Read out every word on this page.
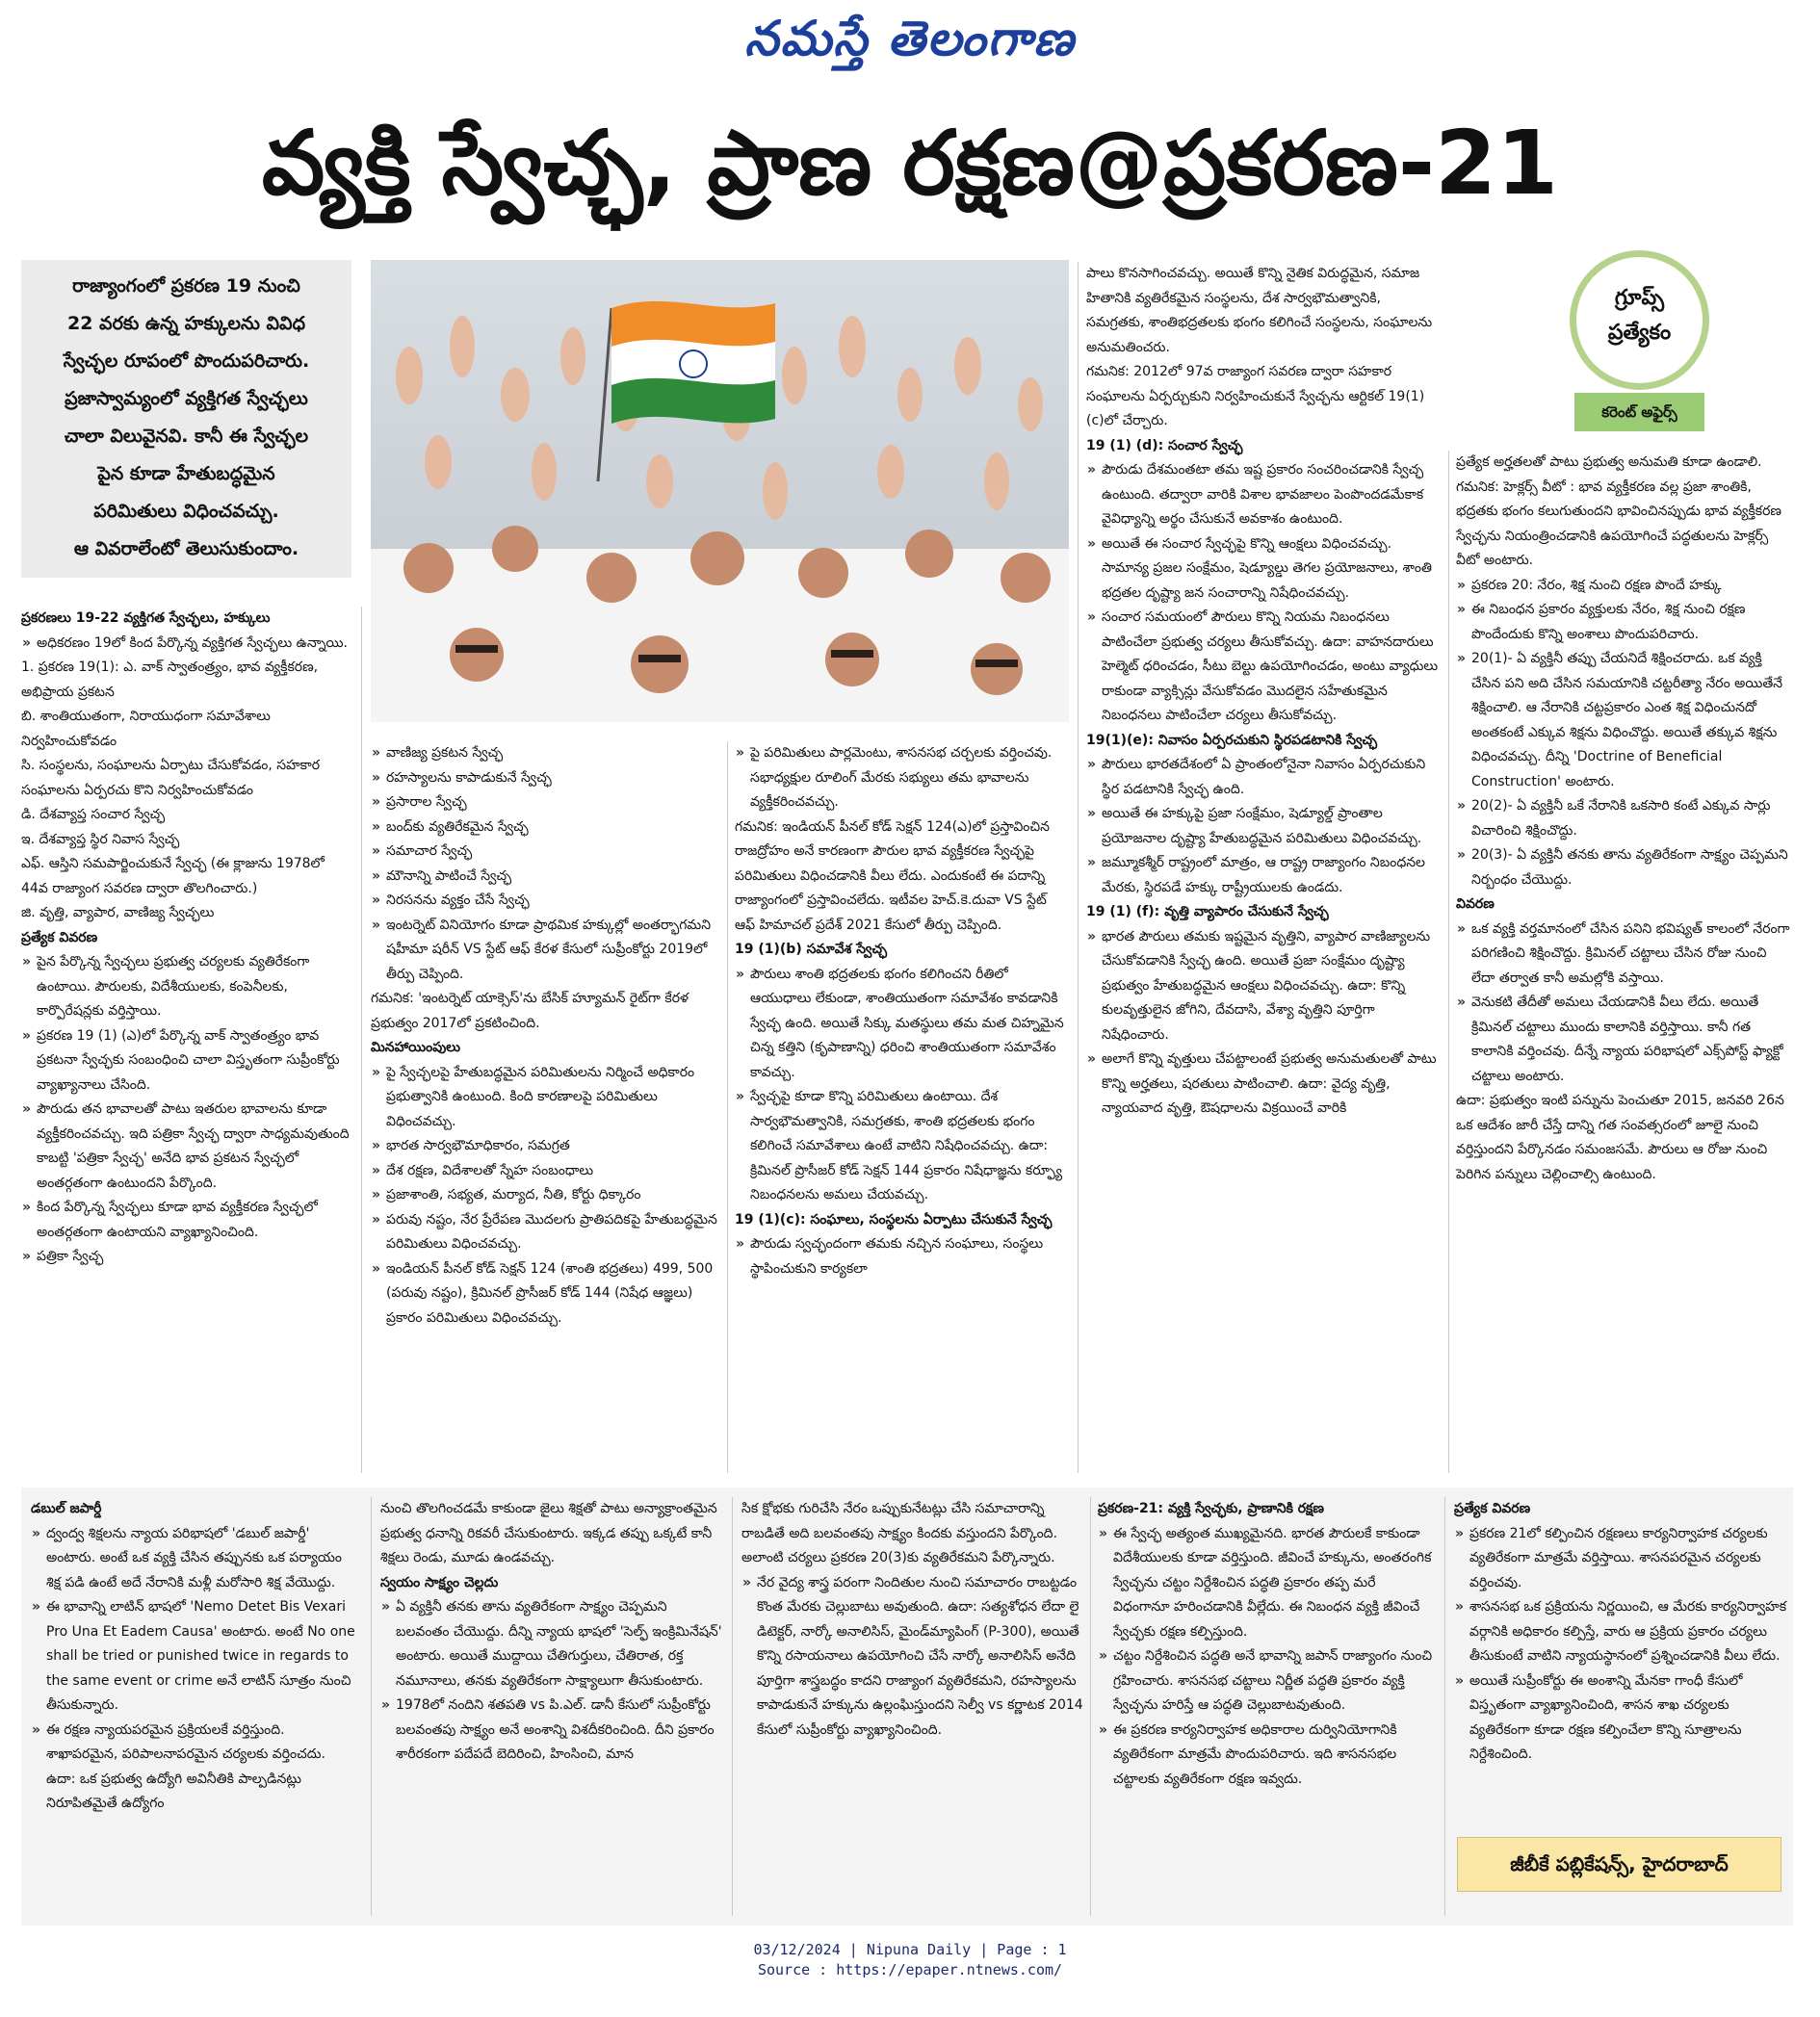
నమస్తే తెలంగాణ
వ్యక్తి స్వేచ్ఛ, ప్రాణ రక్షణ@ప్రకరణ-21

రాజ్యాంగంలో ప్రకరణ 19 నుంచి

22 వరకు ఉన్న హక్కులను వివిధ

స్వేచ్ఛల రూపంలో పొందుపరిచారు.

ప్రజాస్వామ్యంలో వ్యక్తిగత స్వేచ్ఛలు

చాలా విలువైనవి. కానీ ఈ స్వేచ్ఛల

పైన కూడా హేతుబద్ధమైన

పరిమితులు విధించవచ్చు.

ఆ వివరాలేంటో తెలుసుకుందాం.

గ్రూప్స్
ప్రత్యేకం
కరెంట్ అఫైర్స్

ప్రకరణలు 19-22 వ్యక్తిగత స్వేచ్ఛలు, హక్కులు

» అధికరణం 19లో కింద పేర్కొన్న వ్యక్తిగత స్వేచ్ఛలు ఉన్నాయి.

1. ప్రకరణ 19(1): ఎ. వాక్ స్వాతంత్ర్యం, భావ వ్యక్తీకరణ, అభిప్రాయ ప్రకటన

బి. శాంతియుతంగా, నిరాయుధంగా సమావేశాలు నిర్వహించుకోవడం

సి. సంస్థలను, సంఘాలను ఏర్పాటు చేసుకోవడం, సహకార సంఘాలను ఏర్పరచు కొని నిర్వహించుకోవడం

డి. దేశవ్యాప్త సంచార స్వేచ్ఛ

ఇ. దేశవ్యాప్త స్థిర నివాస స్వేచ్ఛ

ఎఫ్. ఆస్తిని సమపార్జించుకునే స్వేచ్ఛ (ఈ క్లాజును 1978లో 44వ రాజ్యాంగ సవరణ ద్వారా తొలగించారు.)

జి. వృత్తి, వ్యాపార, వాణిజ్య స్వేచ్ఛలు

ప్రత్యేక వివరణ

» పైన పేర్కొన్న స్వేచ్ఛలు ప్రభుత్వ చర్యలకు వ్యతిరేకంగా ఉంటాయి. పౌరులకు, విదేశీయులకు, కంపెనీలకు, కార్పొరేషన్లకు వర్తిస్తాయి.

» ప్రకరణ 19 (1) (ఎ)లో పేర్కొన్న వాక్ స్వాతంత్ర్యం భావ ప్రకటనా స్వేచ్ఛకు సంబంధించి చాలా విస్తృతంగా సుప్రీంకోర్టు వ్యాఖ్యానాలు చేసింది.

» పౌరుడు తన భావాలతో పాటు ఇతరుల భావాలను కూడా వ్యక్తీకరించవచ్చు. ఇది పత్రికా స్వేచ్ఛ ద్వారా సాధ్యమవుతుంది కాబట్టి 'పత్రికా స్వేచ్ఛ' అనేది భావ ప్రకటన స్వేచ్ఛలో అంతర్గతంగా ఉంటుందని పేర్కొంది.

» కింద పేర్కొన్న స్వేచ్ఛలు కూడా భావ వ్యక్తీకరణ స్వేచ్ఛలో అంతర్గతంగా ఉంటాయని వ్యాఖ్యానించింది.

» పత్రికా స్వేచ్ఛ

» వాణిజ్య ప్రకటన స్వేచ్ఛ

» రహస్యాలను కాపాడుకునే స్వేచ్ఛ

» ప్రసారాల స్వేచ్ఛ

» బంద్‌కు వ్యతిరేకమైన స్వేచ్ఛ

» సమాచార స్వేచ్ఛ

» మౌనాన్ని పాటించే స్వేచ్ఛ

» నిరసనను వ్యక్తం చేసే స్వేచ్ఛ

» ఇంటర్నెట్ వినియోగం కూడా ప్రాథమిక హక్కుల్లో అంతర్భాగమని షహీమా షరీన్ VS స్టేట్ ఆఫ్ కేరళ కేసులో సుప్రీంకోర్టు 2019లో తీర్పు చెప్పింది.

గమనిక: 'ఇంటర్నెట్ యాక్సెస్'ను బేసిక్ హ్యూమన్ రైట్‌గా కేరళ ప్రభుత్వం 2017లో ప్రకటించింది.

మినహాయింపులు

» పై స్వేచ్ఛలపై హేతుబద్ధమైన పరిమితులను నిర్మించే అధికారం ప్రభుత్వానికి ఉంటుంది. కింది కారణాలపై పరిమితులు విధించవచ్చు.

» భారత సార్వభౌమాధికారం, సమగ్రత

» దేశ రక్షణ, విదేశాలతో స్నేహ సంబంధాలు

» ప్రజాశాంతి, సభ్యత, మర్యాద, నీతి, కోర్టు ధిక్కారం

» పరువు నష్టం, నేర ప్రేరేపణ మొదలగు ప్రాతిపదికపై హేతుబద్ధమైన పరిమితులు విధించవచ్చు.

» ఇండియన్ పీనల్ కోడ్ సెక్షన్ 124 (శాంతి భద్రతలు) 499, 500 (పరువు నష్టం), క్రిమినల్ ప్రొసీజర్ కోడ్ 144 (నిషేధ ఆజ్ఞలు) ప్రకారం పరిమితులు విధించవచ్చు.

» పై పరిమితులు పార్లమెంటు, శాసనసభ చర్చలకు వర్తించవు. సభాధ్యక్షుల రూలింగ్ మేరకు సభ్యులు తమ భావాలను వ్యక్తీకరించవచ్చు.

గమనిక: ఇండియన్ పీనల్ కోడ్ సెక్షన్ 124(ఎ)లో ప్రస్తావించిన రాజద్రోహం అనే కారణంగా పౌరుల భావ వ్యక్తీకరణ స్వేచ్ఛపై పరిమితులు విధించడానికి వీలు లేదు. ఎందుకంటే ఈ పదాన్ని రాజ్యాంగంలో ప్రస్తావించలేదు. ఇటీవల హెచ్.కె.దువా VS స్టేట్ ఆఫ్ హిమాచల్ ప్రదేశ్ 2021 కేసులో తీర్పు చెప్పింది.

19 (1)(b) సమావేశ స్వేచ్ఛ

» పౌరులు శాంతి భద్రతలకు భంగం కలిగించని రీతిలో ఆయుధాలు లేకుండా, శాంతియుతంగా సమావేశం కావడానికి స్వేచ్ఛ ఉంది. అయితే సిక్కు మతస్థులు తమ మత చిహ్నమైన చిన్న కత్తిని (కృపాణాన్ని) ధరించి శాంతియుతంగా సమావేశం కావచ్చు.

» స్వేచ్ఛపై కూడా కొన్ని పరిమితులు ఉంటాయి. దేశ సార్వభౌమత్వానికి, సమగ్రతకు, శాంతి భద్రతలకు భంగం కలిగించే సమావేశాలు ఉంటే వాటిని నిషేధించవచ్చు. ఉదా: క్రిమినల్ ప్రొసీజర్ కోడ్ సెక్షన్ 144 ప్రకారం నిషేధాజ్ఞను కర్ఫ్యూ నిబంధనలను అమలు చేయవచ్చు.

19 (1)(c): సంఘాలు, సంస్థలను ఏర్పాటు చేసుకునే స్వేచ్ఛ

» పౌరుడు స్వచ్ఛందంగా తమకు నచ్చిన సంఘాలు, సంస్థలు స్థాపించుకుని కార్యకలా

పాలు కొనసాగించవచ్చు. అయితే కొన్ని నైతిక విరుద్ధమైన, సమాజ హితానికి వ్యతిరేకమైన సంస్థలను, దేశ సార్వభౌమత్వానికి, సమగ్రతకు, శాంతిభద్రతలకు భంగం కలిగించే సంస్థలను, సంఘాలను అనుమతించరు.

గమనిక: 2012లో 97వ రాజ్యాంగ సవరణ ద్వారా సహకార సంఘాలను ఏర్పర్చుకుని నిర్వహించుకునే స్వేచ్ఛను ఆర్టికల్ 19(1)(c)లో చేర్చారు.

19 (1) (d): సంచార స్వేచ్ఛ

» పౌరుడు దేశమంతటా తమ ఇష్ట ప్రకారం సంచరించడానికి స్వేచ్ఛ ఉంటుంది. తద్వారా వారికి విశాల భావజాలం పెంపొందడమేకాక వైవిధ్యాన్ని అర్థం చేసుకునే అవకాశం ఉంటుంది.

» అయితే ఈ సంచార స్వేచ్ఛపై కొన్ని ఆంక్షలు విధించవచ్చు. సామాన్య ప్రజల సంక్షేమం, షెడ్యూల్డు తెగల ప్రయోజనాలు, శాంతి భద్రతల దృష్ట్యా జన సంచారాన్ని నిషేధించవచ్చు.

» సంచార సమయంలో పౌరులు కొన్ని నియమ నిబంధనలు పాటించేలా ప్రభుత్వ చర్యలు తీసుకోవచ్చు. ఉదా: వాహనదారులు హెల్మెట్ ధరించడం, సీటు బెల్టు ఉపయోగించడం, అంటు వ్యాధులు రాకుండా వ్యాక్సిన్లు వేసుకోవడం మొదలైన సహేతుకమైన నిబంధనలు పాటించేలా చర్యలు తీసుకోవచ్చు.

19(1)(e): నివాసం ఏర్పరచుకుని స్థిరపడటానికి స్వేచ్ఛ

» పౌరులు భారతదేశంలో ఏ ప్రాంతంలోనైనా నివాసం ఏర్పరచుకుని స్థిర పడటానికి స్వేచ్ఛ ఉంది.

» అయితే ఈ హక్కుపై ప్రజా సంక్షేమం, షెడ్యూల్డ్ ప్రాంతాల ప్రయోజనాల దృష్ట్యా హేతుబద్ధమైన పరిమితులు విధించవచ్చు.

» జమ్మూకశ్మీర్ రాష్ట్రంలో మాత్రం, ఆ రాష్ట్ర రాజ్యాంగం నిబంధనల మేరకు, స్థిరపడే హక్కు రాష్ట్రీయులకు ఉండదు.

19 (1) (f): వృత్తి వ్యాపారం చేసుకునే స్వేచ్ఛ

» భారత పౌరులు తమకు ఇష్టమైన వృత్తిని, వ్యాపార వాణిజ్యాలను చేసుకోవడానికి స్వేచ్ఛ ఉంది. అయితే ప్రజా సంక్షేమం దృష్ట్యా ప్రభుత్వం హేతుబద్ధమైన ఆంక్షలు విధించవచ్చు. ఉదా: కొన్ని కులవృత్తులైన జోగిని, దేవదాసి, వేశ్యా వృత్తిని పూర్తిగా నిషేధించారు.

» అలాగే కొన్ని వృత్తులు చేపట్టాలంటే ప్రభుత్వ అనుమతులతో పాటు కొన్ని అర్హతలు, షరతులు పాటించాలి. ఉదా: వైద్య వృత్తి, న్యాయవాద వృత్తి, ఔషధాలను విక్రయించే వారికి

ప్రత్యేక అర్హతలతో పాటు ప్రభుత్వ అనుమతి కూడా ఉండాలి.

గమనిక: హెక్లర్స్ వీటో : భావ వ్యక్తీకరణ వల్ల ప్రజా శాంతికి, భద్రతకు భంగం కలుగుతుందని భావించినప్పుడు భావ వ్యక్తీకరణ స్వేచ్ఛను నియంత్రించడానికి ఉపయోగించే పద్ధతులను హెక్లర్స్ వీటో అంటారు.

» ప్రకరణ 20: నేరం, శిక్ష నుంచి రక్షణ పొందే హక్కు

» ఈ నిబంధన ప్రకారం వ్యక్తులకు నేరం, శిక్ష నుంచి రక్షణ పొందేందుకు కొన్ని అంశాలు పొందుపరిచారు.

» 20(1)- ఏ వ్యక్తినీ తప్పు చేయనిదే శిక్షించరాదు. ఒక వ్యక్తి చేసిన పని అది చేసిన సమయానికి చట్టరీత్యా నేరం అయితేనే శిక్షించాలి. ఆ నేరానికి చట్టప్రకారం ఎంత శిక్ష విధించునదో అంతకంటే ఎక్కువ శిక్షను విధించొద్దు. అయితే తక్కువ శిక్షను విధించవచ్చు. దీన్ని 'Doctrine of Beneficial Construction' అంటారు.

» 20(2)- ఏ వ్యక్తినీ ఒకే నేరానికి ఒకసారి కంటే ఎక్కువ సార్లు విచారించి శిక్షించొద్దు.

» 20(3)- ఏ వ్యక్తినీ తనకు తాను వ్యతిరేకంగా సాక్ష్యం చెప్పమని నిర్బంధం చేయొద్దు.

వివరణ

» ఒక వ్యక్తి వర్తమానంలో చేసిన పనిని భవిష్యత్ కాలంలో నేరంగా పరిగణించి శిక్షించొద్దు. క్రిమినల్ చట్టాలు చేసిన రోజు నుంచి లేదా తర్వాత కానీ అమల్లోకి వస్తాయి.

» వెనుకటి తేదీతో అమలు చేయడానికి వీలు లేదు. అయితే క్రిమినల్ చట్టాలు ముందు కాలానికి వర్తిస్తాయి. కానీ గత కాలానికి వర్తించవు. దీన్నే న్యాయ పరిభాషలో ఎక్స్‌పోస్ట్ ఫ్యాక్టో చట్టాలు అంటారు.

ఉదా: ప్రభుత్వం ఇంటి పన్నును పెంచుతూ 2015, జనవరి 26న ఒక ఆదేశం జారీ చేస్తే దాన్ని గత సంవత్సరంలో జూలై నుంచి వర్తిస్తుందని పేర్కొనడం సమంజసమే. పౌరులు ఆ రోజు నుంచి పెరిగిన పన్నులు చెల్లించాల్సి ఉంటుంది.

డబుల్ జపార్డీ

» ద్వంద్వ శిక్షలను న్యాయ పరిభాషలో 'డబుల్ జపార్డీ' అంటారు. అంటే ఒక వ్యక్తి చేసిన తప్పునకు ఒక పర్యాయం శిక్ష పడి ఉంటే అదే నేరానికి మళ్లీ మరోసారి శిక్ష వేయొద్దు.

» ఈ భావాన్ని లాటిన్ భాషలో 'Nemo Detet Bis Vexari Pro Una Et Eadem Causa' అంటారు. అంటే No one shall be tried or punished twice in regards to the same event or crime అనే లాటిన్ సూత్రం నుంచి తీసుకున్నారు.

» ఈ రక్షణ న్యాయపరమైన ప్రక్రియలకే వర్తిస్తుంది. శాఖాపరమైన, పరిపాలనాపరమైన చర్యలకు వర్తించదు. ఉదా: ఒక ప్రభుత్వ ఉద్యోగి అవినీతికి పాల్పడినట్లు నిరూపితమైతే ఉద్యోగం

నుంచి తొలగించడమే కాకుండా జైలు శిక్షతో పాటు అన్యాక్రాంతమైన ప్రభుత్వ ధనాన్ని రికవరీ చేసుకుంటారు. ఇక్కడ తప్పు ఒక్కటే కానీ శిక్షలు రెండు, మూడు ఉండవచ్చు.

స్వయం సాక్ష్యం చెల్లదు

» ఏ వ్యక్తినీ తనకు తాను వ్యతిరేకంగా సాక్ష్యం చెప్పమని బలవంతం చేయొద్దు. దీన్ని న్యాయ భాషలో 'సెల్ఫ్ ఇంక్రిమినేషన్' అంటారు. అయితే ముద్దాయి చేతిగుర్తులు, చేతిరాత, రక్త నమూనాలు, తనకు వ్యతిరేకంగా సాక్ష్యాలుగా తీసుకుంటారు.

» 1978లో నందిని శతపతి vs పి.ఎల్. డానీ కేసులో సుప్రీంకోర్టు బలవంతపు సాక్ష్యం అనే అంశాన్ని విశదీకరించింది. దీని ప్రకారం శారీరకంగా పదేపదే బెదిరించి, హింసించి, మాన

సిక క్షోభకు గురిచేసి నేరం ఒప్పుకునేటట్లు చేసి సమాచారాన్ని రాబడితే అది బలవంతపు సాక్ష్యం కిందకు వస్తుందని పేర్కొంది. అలాంటి చర్యలు ప్రకరణ 20(3)కు వ్యతిరేకమని పేర్కొన్నారు.

» నేర వైద్య శాస్త్ర పరంగా నిందితుల నుంచి సమాచారం రాబట్టడం కొంత మేరకు చెల్లుబాటు అవుతుంది. ఉదా: సత్యశోధన లేదా లై డిటెక్టర్, నార్కో అనాలిసిస్, మైండ్‌మ్యాపింగ్ (P-300), అయితే కొన్ని రసాయనాలు ఉపయోగించి చేసే నార్కో అనాలిసిస్ అనేది పూర్తిగా శాస్త్రబద్ధం కాదని రాజ్యాంగ వ్యతిరేకమని, రహస్యాలను కాపాడుకునే హక్కును ఉల్లంఘిస్తుందని సెల్వీ vs కర్ణాటక 2014 కేసులో సుప్రీంకోర్టు వ్యాఖ్యానించింది.

ప్రకరణ-21: వ్యక్తి స్వేచ్ఛకు, ప్రాణానికి రక్షణ

» ఈ స్వేచ్ఛ అత్యంత ముఖ్యమైనది. భారత పౌరులకే కాకుండా విదేశీయులకు కూడా వర్తిస్తుంది. జీవించే హక్కును, అంతరంగిక స్వేచ్ఛను చట్టం నిర్దేశించిన పద్ధతి ప్రకారం తప్ప మరే విధంగానూ హరించడానికి వీల్లేదు. ఈ నిబంధన వ్యక్తి జీవించే స్వేచ్ఛకు రక్షణ కల్పిస్తుంది.

» చట్టం నిర్దేశించిన పద్ధతి అనే భావాన్ని జపాన్ రాజ్యాంగం నుంచి గ్రహించారు. శాసనసభ చట్టాలు నిర్ణీత పద్ధతి ప్రకారం వ్యక్తి స్వేచ్ఛను హరిస్తే ఆ పద్ధతి చెల్లుబాటవుతుంది.

» ఈ ప్రకరణ కార్యనిర్వాహక అధికారాల దుర్వినియోగానికి వ్యతిరేకంగా మాత్రమే పొందుపరిచారు. ఇది శాసనసభల చట్టాలకు వ్యతిరేకంగా రక్షణ ఇవ్వదు.

ప్రత్యేక వివరణ

» ప్రకరణ 21లో కల్పించిన రక్షణలు కార్యనిర్వాహక చర్యలకు వ్యతిరేకంగా మాత్రమే వర్తిస్తాయి. శాసనపరమైన చర్యలకు వర్తించవు.

» శాసనసభ ఒక ప్రక్రియను నిర్ణయించి, ఆ మేరకు కార్యనిర్వాహక వర్గానికి అధికారం కల్పిస్తే, వారు ఆ ప్రక్రియ ప్రకారం చర్యలు తీసుకుంటే వాటిని న్యాయస్థానంలో ప్రశ్నించడానికి వీలు లేదు.

» అయితే సుప్రీంకోర్టు ఈ అంశాన్ని మేనకా గాంధీ కేసులో విస్తృతంగా వ్యాఖ్యానించింది, శాసన శాఖ చర్యలకు వ్యతిరేకంగా కూడా రక్షణ కల్పించేలా కొన్ని సూత్రాలను నిర్దేశించింది.

జీబీకే పబ్లికేషన్స్, హైదరాబాద్
03/12/2024 | Nipuna Daily | Page : 1
Source : https://epaper.ntnews.com/
